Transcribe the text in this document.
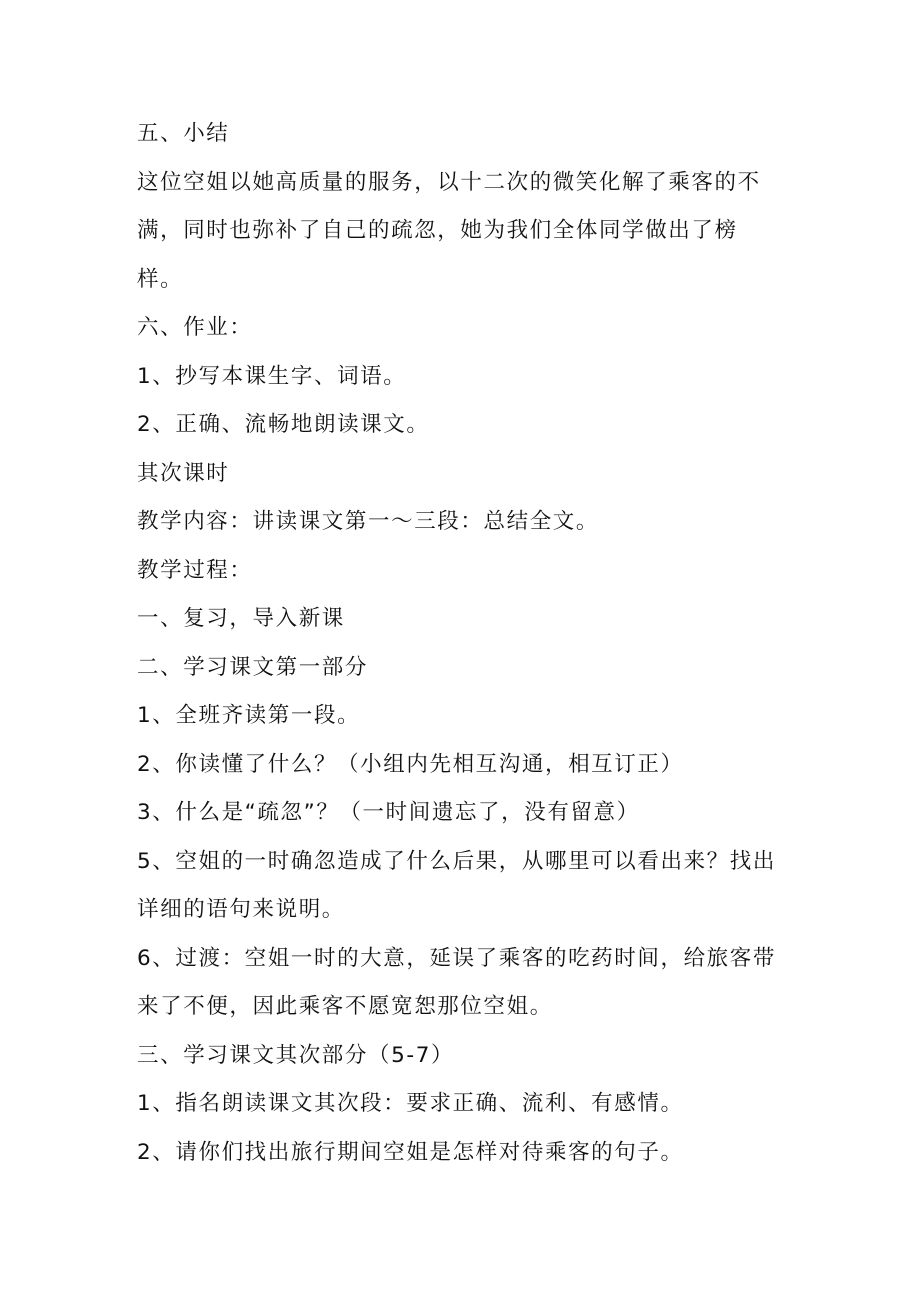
五、小结
这位空姐以她高质量的服务，以十二次的微笑化解了乘客的不
满，同时也弥补了自己的疏忽，她为我们全体同学做出了榜
样。
六、作业：
1、抄写本课生字、词语。
2、正确、流畅地朗读课文。
其次课时
教学内容：讲读课文第一～三段：总结全文。
教学过程：
一、复习，导入新课
二、学习课文第一部分
1、全班齐读第一段。
2、你读懂了什么？（小组内先相互沟通，相互订正）
3、什么是“疏忽”？（一时间遗忘了，没有留意）
5、空姐的一时确忽造成了什么后果，从哪里可以看出来？找出
详细的语句来说明。
6、过渡：空姐一时的大意，延误了乘客的吃药时间，给旅客带
来了不便，因此乘客不愿宽恕那位空姐。
三、学习课文其次部分（5-7）
1、指名朗读课文其次段：要求正确、流利、有感情。
2、请你们找出旅行期间空姐是怎样对待乘客的句子。
